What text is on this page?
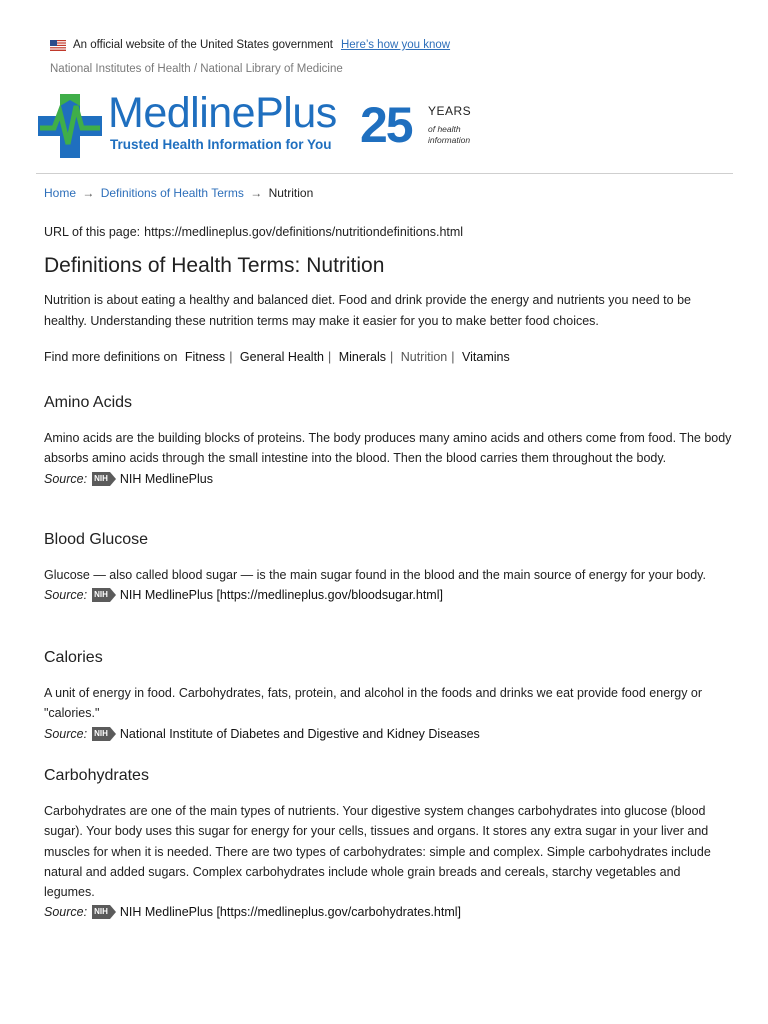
An official website of the United States government Here’s how you know
National Institutes of Health / National Library of Medicine
MedlinePlus
Trusted Health Information for You 25 YEARS
of health information
Home → Definitions of Health Terms → Nutrition
URL of this page: https://medlineplus.gov/definitions/nutritiondefinitions.html
Definitions of Health Terms: Nutrition

Nutrition is about eating a healthy and balanced diet. Food and drink provide the energy and nutrients you need to be healthy. Understanding these nutrition terms may make it easier for you to make better food choices.

Find more definitions on Fitness | General Health | Minerals | Nutrition | Vitamins
Amino Acids

Amino acids are the building blocks of proteins. The body produces many amino acids and others come from food. The body absorbs amino acids through the small intestine into the blood. Then the blood carries them throughout the body.

Source: NIH NIH MedlinePlus
Blood Glucose

Glucose — also called blood sugar — is the main sugar found in the blood and the main source of energy for your body.

Source: NIH NIH MedlinePlus
[https://medlineplus.gov/bloodsugar.html]
Calories

A unit of energy in food. Carbohydrates, fats, protein, and alcohol in the foods and drinks we eat provide food energy or "calories."

Source: NIH National Institute of Diabetes and Digestive and Kidney Diseases
Carbohydrates

Carbohydrates are one of the main types of nutrients. Your digestive system changes carbohydrates into glucose (blood sugar). Your body uses this sugar for energy for your cells, tissues and organs. It stores any extra sugar in your liver and muscles for when it is needed. There are two types of carbohydrates: simple and complex. Simple carbohydrates include natural and added sugars. Complex carbohydrates include whole grain breads and cereals, starchy vegetables and legumes.

Source: NIH NIH MedlinePlus
[https://medlineplus.gov/carbohydrates.html]
